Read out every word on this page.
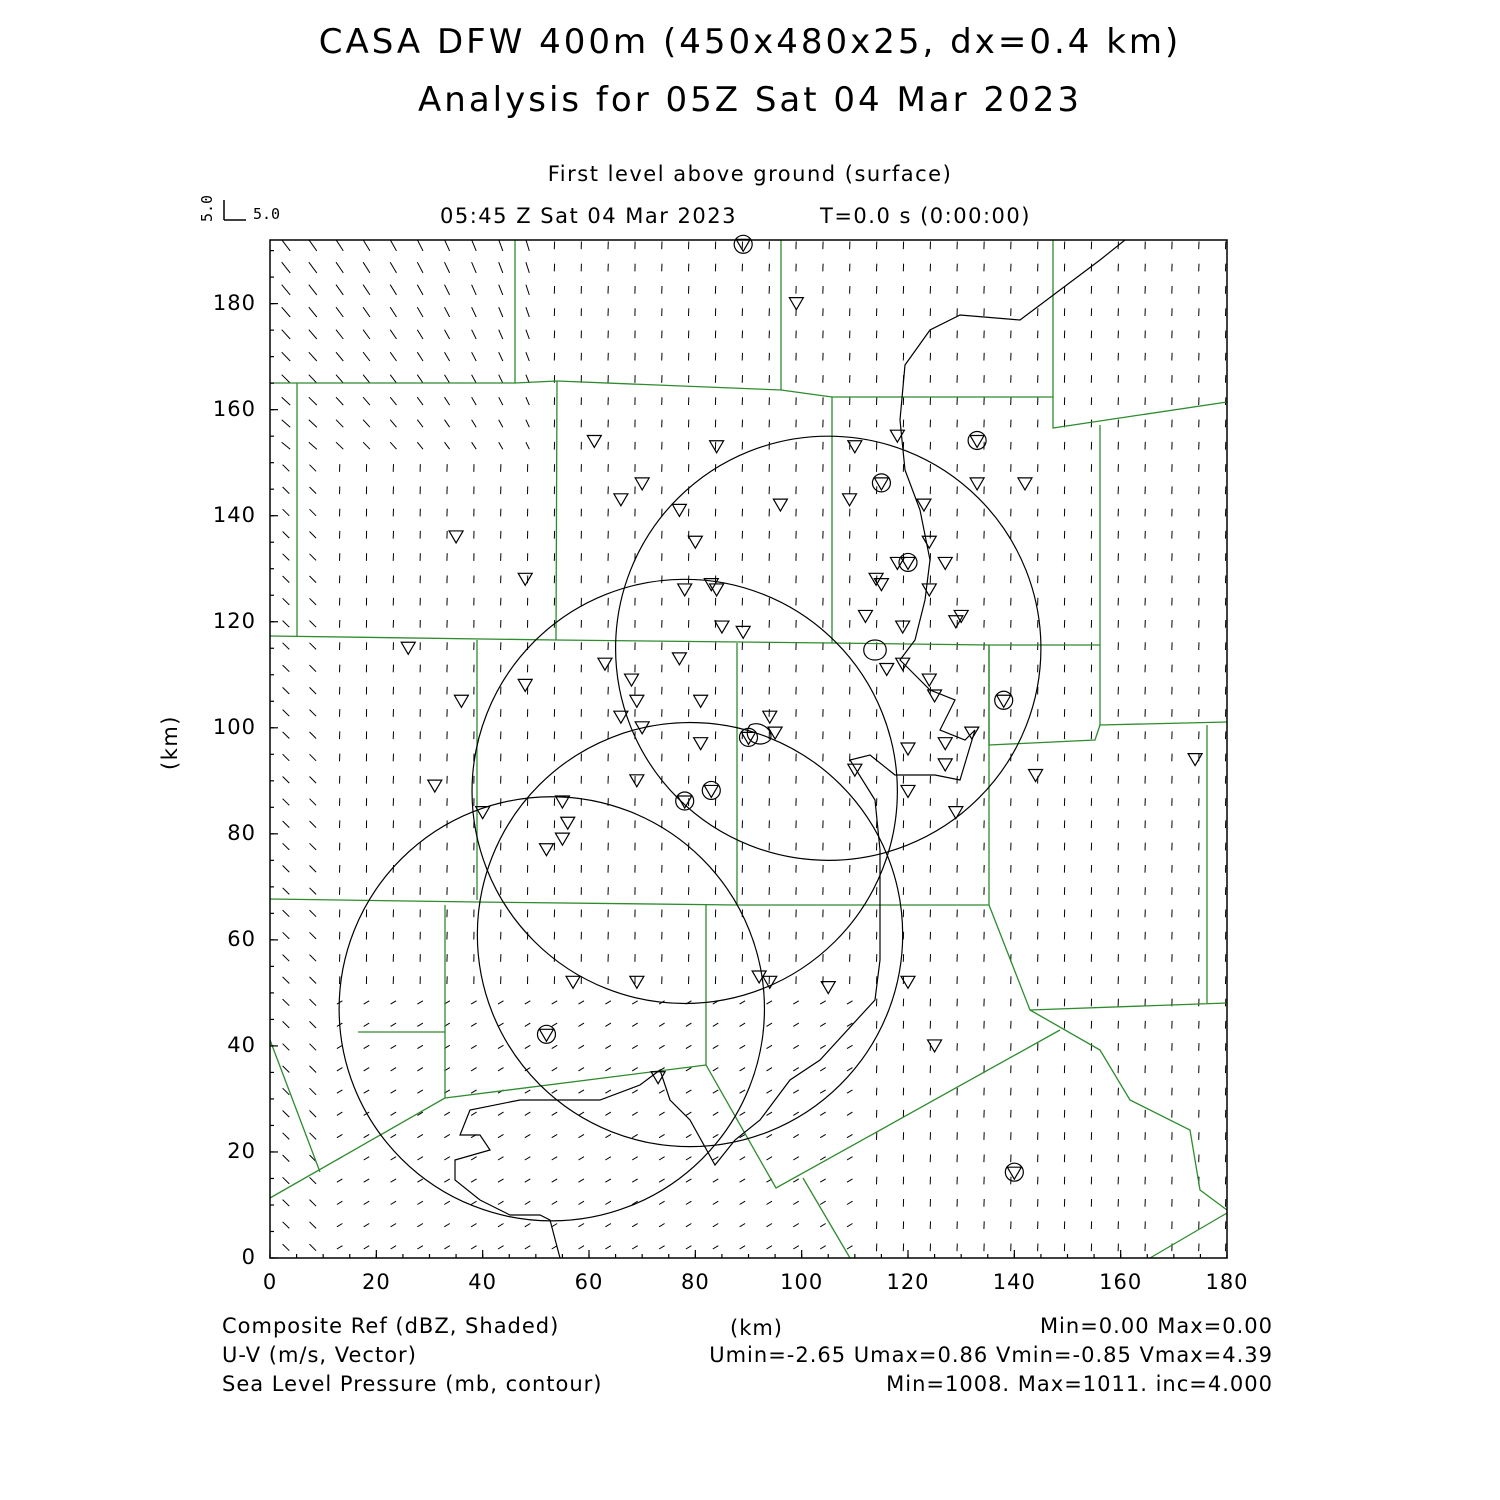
CASA DFW 400m (450x480x25, dx=0.4 km)
Analysis for 05Z Sat 04 Mar 2023
First level above ground (surface)
05:45 Z Sat 04 Mar 2023	T=0.0 s (0:00:00)
5.0 5.0
0	20	40	60	80	100	120	140	160	180
0
20
40
60
80
100
120
140
160
180
(km)
(km)
Composite Ref (dBZ, Shaded)	Min=0.00 Max=0.00
U-V (m/s, Vector)	Umin=-2.65 Umax=0.86 Vmin=-0.85 Vmax=4.39
Sea Level Pressure (mb, contour)	Min=1008. Max=1011. inc=4.000
